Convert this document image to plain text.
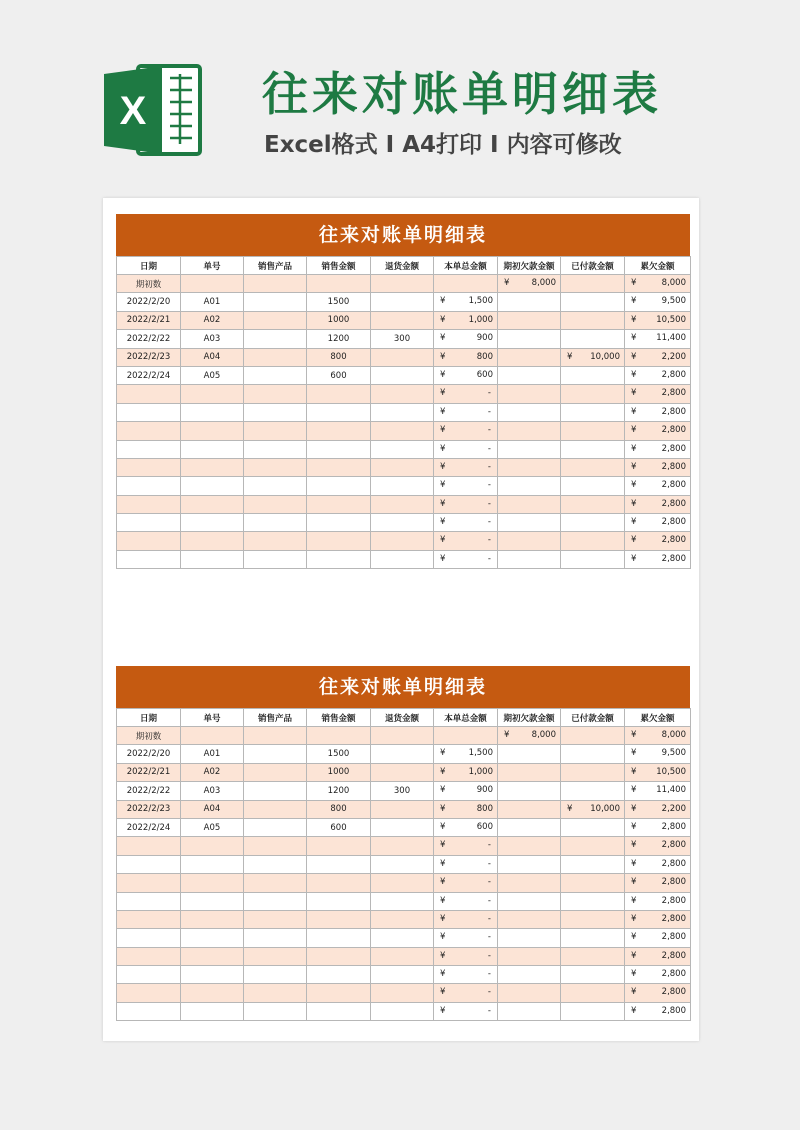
X	往来对账单明细表
Excel格式 Ⅰ A4打印 Ⅰ 内容可修改
往来对账单明细表
日期	单号	销售产品	销售金额	退货金额	本单总金额	期初欠款金额	已付款金额	累欠金额
期初数						¥ 8,000		¥ 8,000

2022/2/20	A01		1500		¥ 1,500			¥ 9,500

2022/2/21	A02		1000		¥ 1,000			¥ 10,500

2022/2/22	A03		1200	300	¥ 900			¥ 11,400

2022/2/23	A04		800		¥ 800		¥ 10,000	¥ 2,200

2022/2/24	A05		600		¥ 600			¥ 2,800

					¥ -			¥ 2,800

					¥ -			¥ 2,800

					¥ -			¥ 2,800

					¥ -			¥ 2,800

					¥ -			¥ 2,800

					¥ -			¥ 2,800

					¥ -			¥ 2,800

					¥ -			¥ 2,800

					¥ -			¥ 2,800

					¥ -			¥ 2,800
往来对账单明细表
日期	单号	销售产品	销售金额	退货金额	本单总金额	期初欠款金额	已付款金额	累欠金额
期初数						¥ 8,000		¥ 8,000

2022/2/20	A01		1500		¥ 1,500			¥ 9,500

2022/2/21	A02		1000		¥ 1,000			¥ 10,500

2022/2/22	A03		1200	300	¥ 900			¥ 11,400

2022/2/23	A04		800		¥ 800		¥ 10,000	¥ 2,200

2022/2/24	A05		600		¥ 600			¥ 2,800

					¥ -			¥ 2,800

					¥ -			¥ 2,800

					¥ -			¥ 2,800

					¥ -			¥ 2,800

					¥ -			¥ 2,800

					¥ -			¥ 2,800

					¥ -			¥ 2,800

					¥ -			¥ 2,800

					¥ -			¥ 2,800

					¥ -			¥ 2,800
